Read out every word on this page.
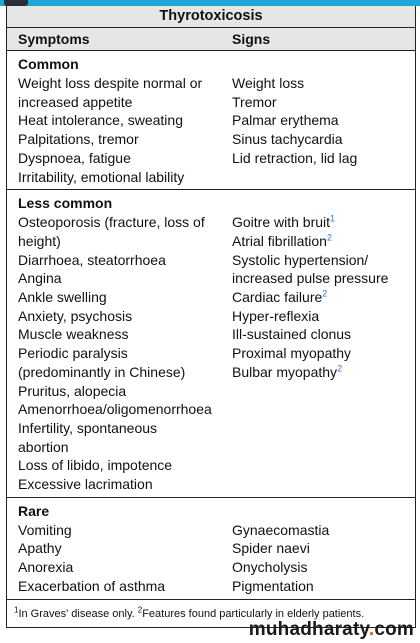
Thyrotoxicosis
Symptoms	Signs
Common
Weight loss despite normal or
increased appetite
Heat intolerance, sweating
Palpitations, tremor
Dyspnoea, fatigue
Irritability, emotional lability
Weight loss
Tremor
Palmar erythema
Sinus tachycardia
Lid retraction, lid lag
Less common
Osteoporosis (fracture, loss of
height)
Diarrhoea, steatorrhoea
Angina
Ankle swelling
Anxiety, psychosis
Muscle weakness
Periodic paralysis
(predominantly in Chinese)
Pruritus, alopecia
Amenorrhoea/oligomenorrhoea
Infertility, spontaneous
abortion
Loss of libido, impotence
Excessive lacrimation
Goitre with bruit$^1$
Atrial fibrillation$^2$
Systolic hypertension/
increased pulse pressure
Cardiac failure$^2$
Hyper-reflexia
Ill-sustained clonus
Proximal myopathy
Bulbar myopathy$^2$
Rare
Vomiting
Apathy
Anorexia
Exacerbation of asthma
Gynaecomastia
Spider naevi
Onycholysis
Pigmentation
$^1$In Graves' disease only. $^2$Features found particularly in elderly patients.
muhadharaty.com
